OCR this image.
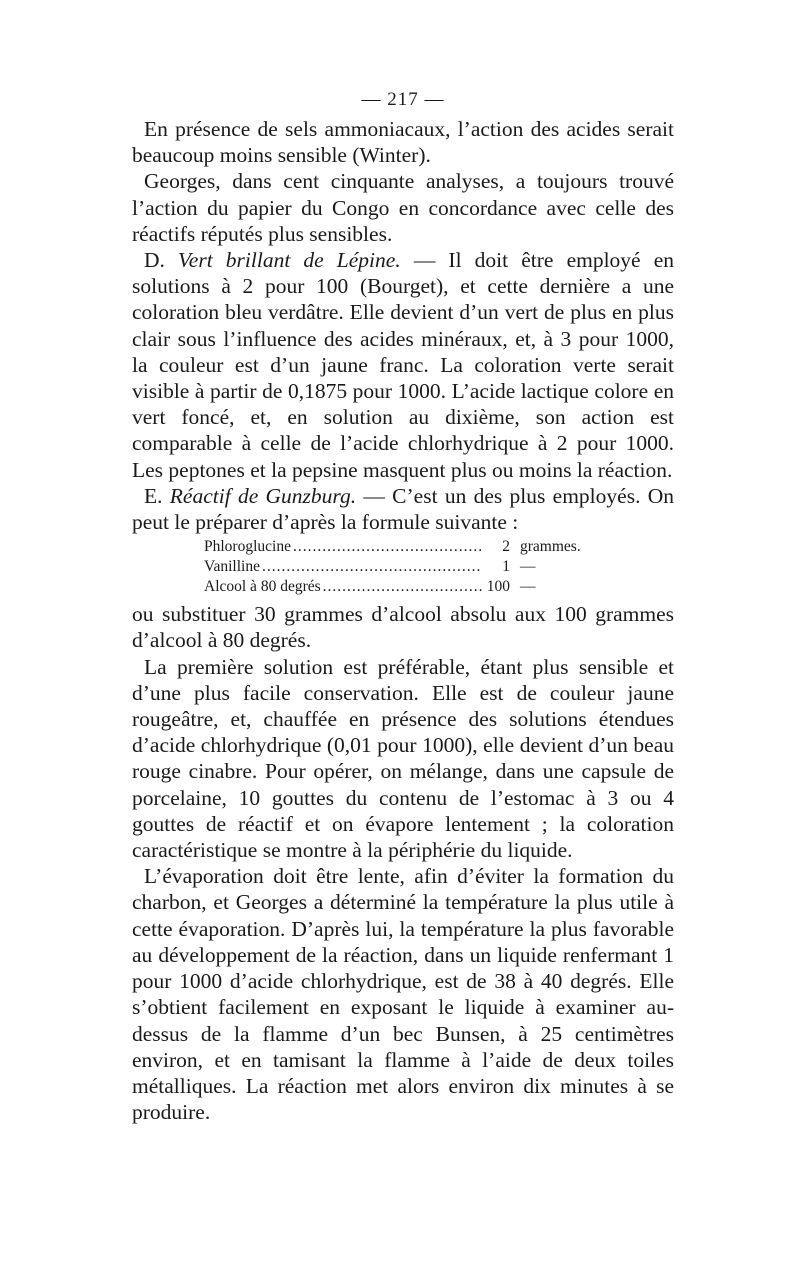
— 217 —

En présence de sels ammoniacaux, l’action des acides serait beaucoup moins sensible (Winter).

Georges, dans cent cinquante analyses, a toujours trouvé l’action du papier du Congo en concordance avec celle des réactifs réputés plus sensibles.

D. Vert brillant de Lépine. — Il doit être employé en solutions à 2 pour 100 (Bourget), et cette dernière a une coloration bleu verdâtre. Elle devient d’un vert de plus en plus clair sous l’influence des acides minéraux, et, à 3 pour 1000, la couleur est d’un jaune franc. La coloration verte serait visible à partir de 0,1875 pour 1000. L’acide lactique colore en vert foncé, et, en solution au dixième, son action est comparable à celle de l’acide chlorhydrique à 2 pour 1000. Les peptones et la pepsine masquent plus ou moins la réaction.

E. Réactif de Gunzburg. — C’est un des plus employés. On peut le préparer d’après la formule suivante :

Phloroglucine .....	2 grammes.
Vanilline .....	1 —
Alcool à 80 degrés .....	100 —

ou substituer 30 grammes d’alcool absolu aux 100 grammes d’alcool à 80 degrés.

La première solution est préférable, étant plus sensible et d’une plus facile conservation. Elle est de couleur jaune rougeâtre, et, chauffée en présence des solutions étendues d’acide chlorhydrique (0,01 pour 1000), elle devient d’un beau rouge cinabre. Pour opérer, on mélange, dans une capsule de porcelaine, 10 gouttes du contenu de l’estomac à 3 ou 4 gouttes de réactif et on évapore lentement ; la coloration caractéristique se montre à la périphérie du liquide.

L’évaporation doit être lente, afin d’éviter la formation du charbon, et Georges a déterminé la température la plus utile à cette évaporation. D’après lui, la température la plus favorable au développement de la réaction, dans un liquide renfermant 1 pour 1000 d’acide chlorhydrique, est de 38 à 40 degrés. Elle s’obtient facilement en exposant le liquide à examiner au-dessus de la flamme d’un bec Bunsen, à 25 centimètres environ, et en tamisant la flamme à l’aide de deux toiles métalliques. La réaction met alors environ dix minutes à se produire.
